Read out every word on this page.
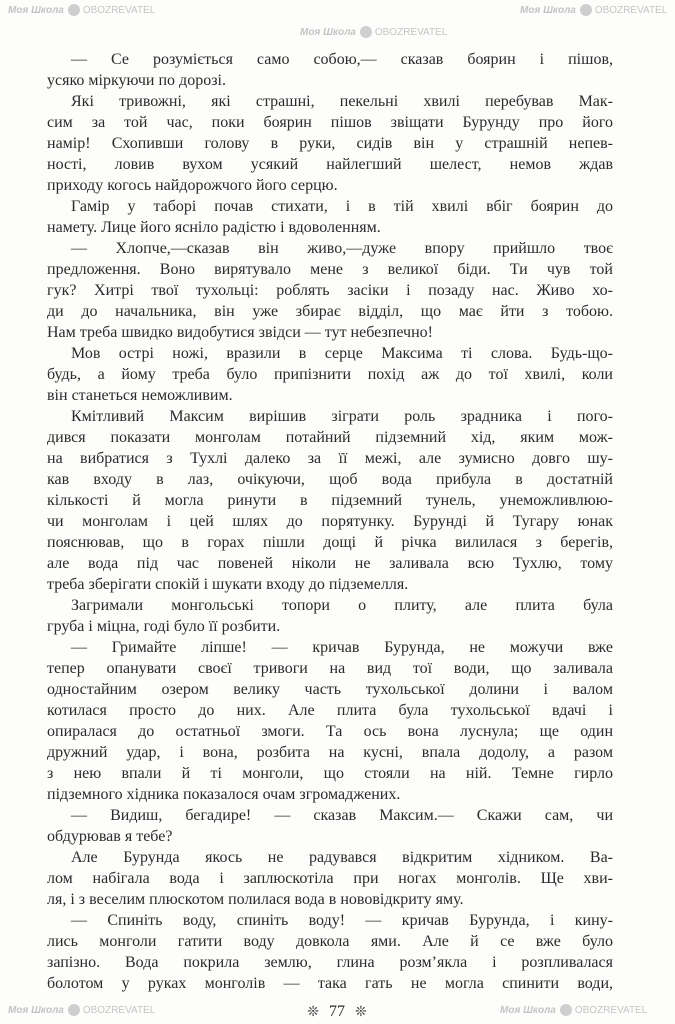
Моя Школа OBOZREVATEL	Моя Школа OBOZREVATEL
Моя Школа OBOZREVATEL
Моя Школа OBOZREVATEL	Моя Школа OBOZREVATEL
— Се розуміється само собою,— сказав боярин і пішов,
усяко міркуючи по дорозі.
Які тривожні, які страшні, пекельні хвилі перебував Мак-
сим за той час, поки боярин пішов звіщати Бурунду про його
намір! Схопивши голову в руки, сидів він у страшній непев-
ності, ловив вухом усякий найлегший шелест, немов ждав
приходу когось найдорожчого його серцю.
Гамір у таборі почав стихати, і в тій хвилі вбіг боярин до
намету. Лице його ясніло радістю і вдоволенням.
— Хлопче,—сказав він живо,—дуже впору прийшло твоє
предложення. Воно вирятувало мене з великої біди. Ти чув той
гук? Хитрі твої тухольці: роблять засіки і позаду нас. Живо хо-
ди до начальника, він уже збирає відділ, що має йти з тобою.
Нам треба швидко видобутися звідси — тут небезпечно!
Мов острі ножі, вразили в серце Максима ті слова. Будь-що-
будь, а йому треба було припізнити похід аж до тої хвилі, коли
він станеться неможливим.
Кмітливий Максим вирішив зіграти роль зрадника і пого-
дився показати монголам потайний підземний хід, яким мож-
на вибратися з Тухлі далеко за її межі, але зумисно довго шу-
кав входу в лаз, очікуючи, щоб вода прибула в достатній
кількості й могла ринути в підземний тунель, унеможливлюю-
чи монголам і цей шлях до порятунку. Бурунді й Тугару юнак
пояснював, що в горах пішли дощі й річка вилилася з берегів,
але вода під час повеней ніколи не заливала всю Тухлю, тому
треба зберігати спокій і шукати входу до підземелля.
Загримали монгольські топори о плиту, але плита була
груба і міцна, годі було її розбити.
— Гримайте ліпше! — кричав Бурунда, не можучи вже
тепер опанувати своєї тривоги на вид тої води, що заливала
одностайним озером велику часть тухольської долини і валом
котилася просто до них. Але плита була тухольської вдачі і
опиралася до остатньої змоги. Та ось вона луснула; ще один
дружний удар, і вона, розбита на кусні, впала додолу, а разом
з нею впали й ті монголи, що стояли на ній. Темне гирло
підземного хідника показалося очам згромаджених.
— Видиш, бегадире! — сказав Максим.— Скажи сам, чи
обдурював я тебе?
Але Бурунда якось не радувався відкритим хідником. Ва-
лом набігала вода і заплюскотіла при ногах монголів. Ще хви-
ля, і з веселим плюскотом полилася вода в нововідкриту яму.
— Спиніть воду, спиніть воду! — кричав Бурунда, і кину-
лись монголи гатити воду довкола ями. Але й се вже було
запізно. Вода покрила землю, глина розм’якла і розпливалася
болотом у руках монголів — така гать не могла спинити води,
❊ 77 ❊
